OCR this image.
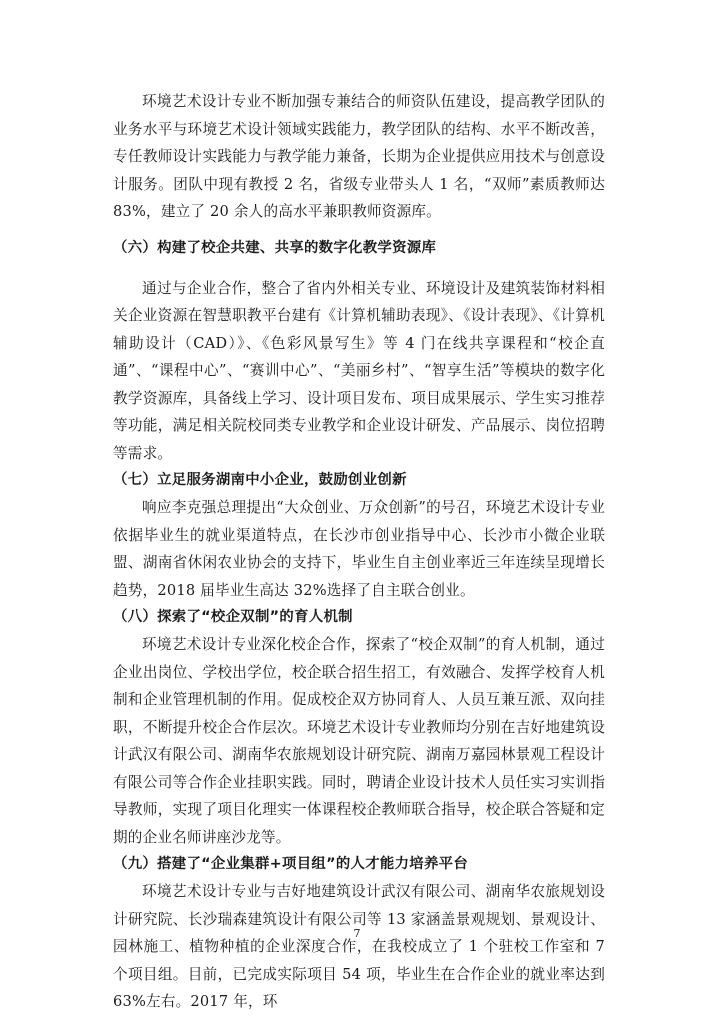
环境艺术设计专业不断加强专兼结合的师资队伍建设，提高教学团队的业务水平与环境艺术设计领域实践能力，教学团队的结构、水平不断改善，专任教师设计实践能力与教学能力兼备，长期为企业提供应用技术与创意设计服务。团队中现有教授 2 名，省级专业带头人 1 名，“双师”素质教师达 83%，建立了 20 余人的高水平兼职教师资源库。

（六）构建了校企共建、共享的数字化教学资源库

通过与企业合作，整合了省内外相关专业、环境设计及建筑装饰材料相关企业资源在智慧职教平台建有《计算机辅助表现》、《设计表现》、《计算机辅助设计（CAD）》、《色彩风景写生》等 4 门在线共享课程和“校企直通”、“课程中心”、“赛训中心”、“美丽乡村”、“智享生活”等模块的数字化教学资源库，具备线上学习、设计项目发布、项目成果展示、学生实习推荐等功能，满足相关院校同类专业教学和企业设计研发、产品展示、岗位招聘等需求。

（七）立足服务湖南中小企业，鼓励创业创新

响应李克强总理提出“大众创业、万众创新”的号召，环境艺术设计专业依据毕业生的就业渠道特点，在长沙市创业指导中心、长沙市小微企业联盟、湖南省休闲农业协会的支持下，毕业生自主创业率近三年连续呈现增长趋势，2018 届毕业生高达 32%选择了自主联合创业。

（八）探索了“校企双制”的育人机制

环境艺术设计专业深化校企合作，探索了“校企双制”的育人机制，通过企业出岗位、学校出学位，校企联合招生招工，有效融合、发挥学校育人机制和企业管理机制的作用。促成校企双方协同育人、人员互兼互派、双向挂职，不断提升校企合作层次。环境艺术设计专业教师均分别在吉好地建筑设计武汉有限公司、湖南华农旅规划设计研究院、湖南万嘉园林景观工程设计有限公司等合作企业挂职实践。同时，聘请企业设计技术人员任实习实训指导教师，实现了项目化理实一体课程校企教师联合指导，校企联合答疑和定期的企业名师讲座沙龙等。

（九）搭建了“企业集群+项目组”的人才能力培养平台

环境艺术设计专业与吉好地建筑设计武汉有限公司、湖南华农旅规划设计研究院、长沙瑞森建筑设计有限公司等 13 家涵盖景观规划、景观设计、园林施工、植物种植的企业深度合作，在我校成立了 1 个驻校工作室和 7 个项目组。目前，已完成实际项目 54 项，毕业生在合作企业的就业率达到 63%左右。2017 年，环

7
